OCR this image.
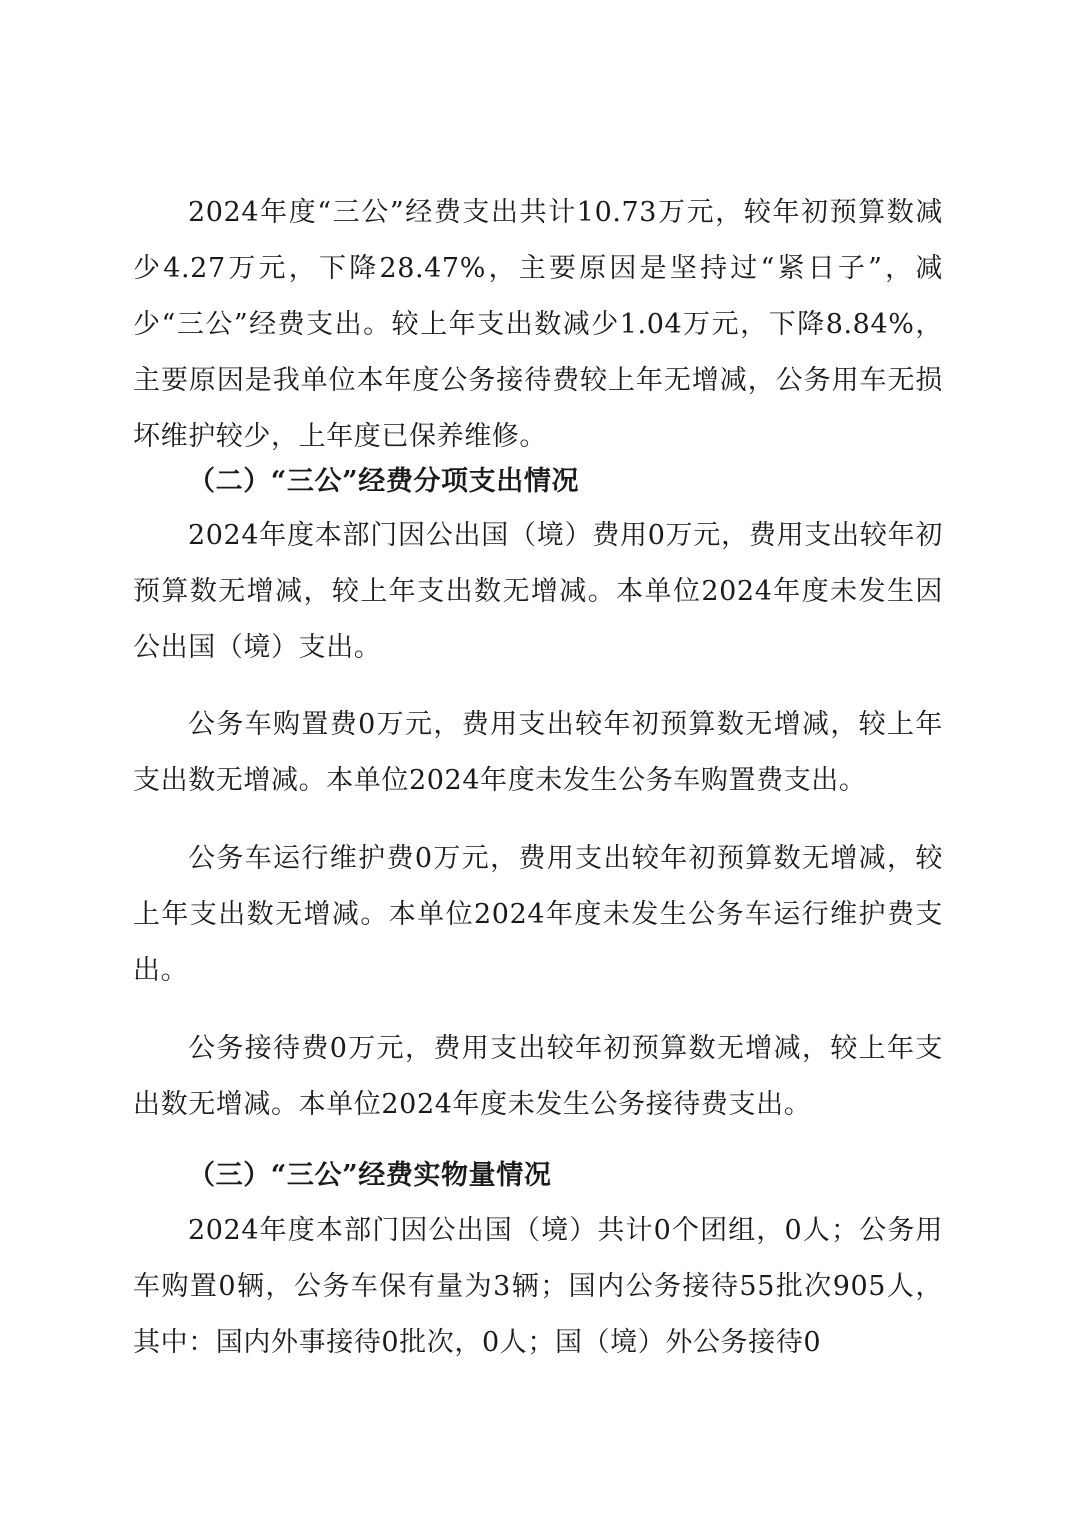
2024年度“三公”经费支出共计10.73万元，较年初预算数减少4.27万元，下降28.47%，主要原因是坚持过“紧日子”，减少“三公”经费支出。较上年支出数减少1.04万元，下降8.84%，主要原因是我单位本年度公务接待费较上年无增减，公务用车无损坏维护较少，上年度已保养维修。

（二）“三公”经费分项支出情况

2024年度本部门因公出国（境）费用0万元，费用支出较年初预算数无增减，较上年支出数无增减。本单位2024年度未发生因公出国（境）支出。

公务车购置费0万元，费用支出较年初预算数无增减，较上年支出数无增减。本单位2024年度未发生公务车购置费支出。

公务车运行维护费0万元，费用支出较年初预算数无增减，较上年支出数无增减。本单位2024年度未发生公务车运行维护费支出。

公务接待费0万元，费用支出较年初预算数无增减，较上年支出数无增减。本单位2024年度未发生公务接待费支出。

（三）“三公”经费实物量情况

2024年度本部门因公出国（境）共计0个团组，0人；公务用车购置0辆，公务车保有量为3辆；国内公务接待55批次905人，其中：国内外事接待0批次，0人；国（境）外公务接待0
